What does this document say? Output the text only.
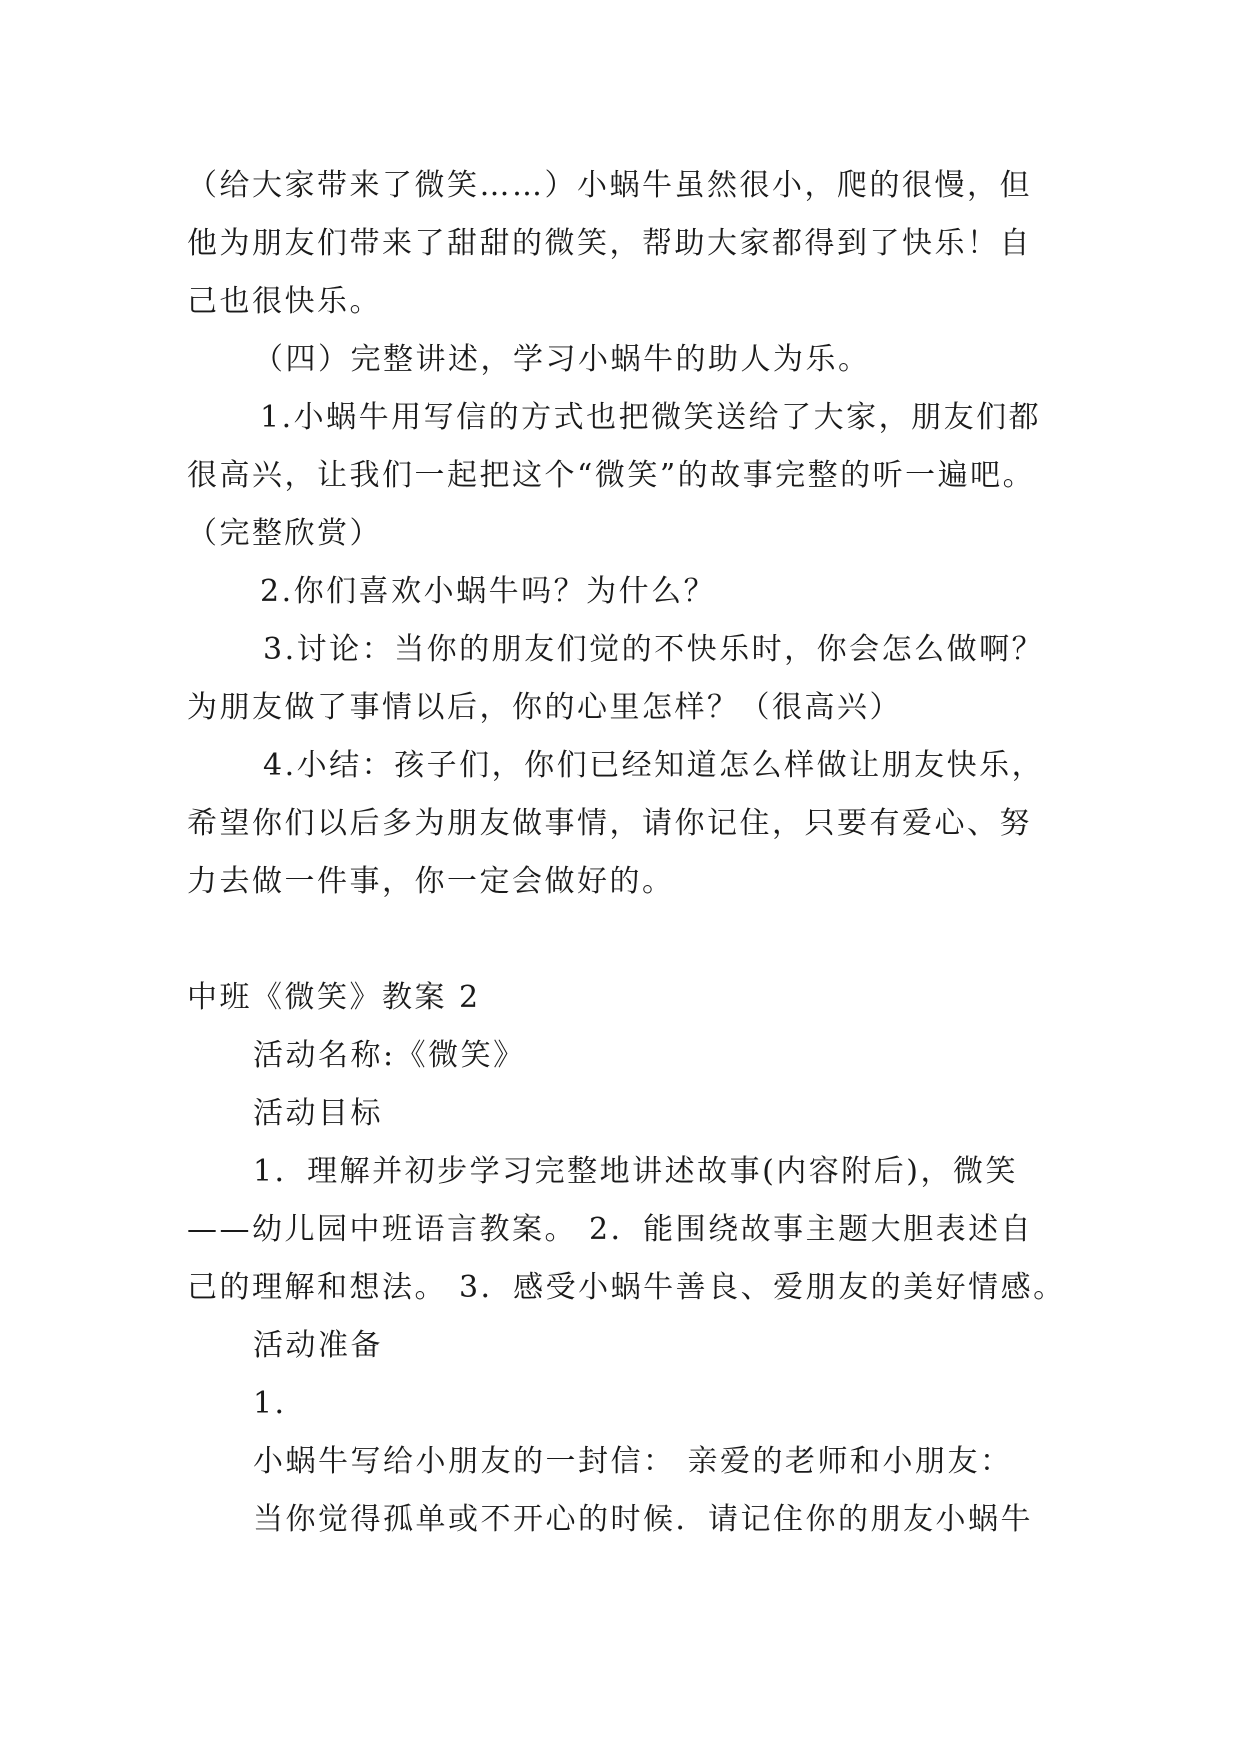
（给大家带来了微笑……）小蜗牛虽然很小，爬的很慢，但
他为朋友们带来了甜甜的微笑，帮助大家都得到了快乐！自
己也很快乐。
（四）完整讲述，学习小蜗牛的助人为乐。
1.小蜗牛用写信的方式也把微笑送给了大家，朋友们都
很高兴，让我们一起把这个“微笑”的故事完整的听一遍吧。
（完整欣赏）
2.你们喜欢小蜗牛吗？为什么？
3.讨论：当你的朋友们觉的不快乐时，你会怎么做啊？
为朋友做了事情以后，你的心里怎样？（很高兴）
4.小结：孩子们，你们已经知道怎么样做让朋友快乐，
希望你们以后多为朋友做事情，请你记住，只要有爱心、努
力去做一件事，你一定会做好的。
中班《微笑》教案 2
活动名称:《微笑》
活动目标
1．理解并初步学习完整地讲述故事(内容附后)，微笑
——幼儿园中班语言教案。 2．能围绕故事主题大胆表述自
己的理解和想法。 3．感受小蜗牛善良、爱朋友的美好情感。
活动准备
1．
小蜗牛写给小朋友的一封信： 亲爱的老师和小朋友：
当你觉得孤单或不开心的时候．请记住你的朋友小蜗牛
